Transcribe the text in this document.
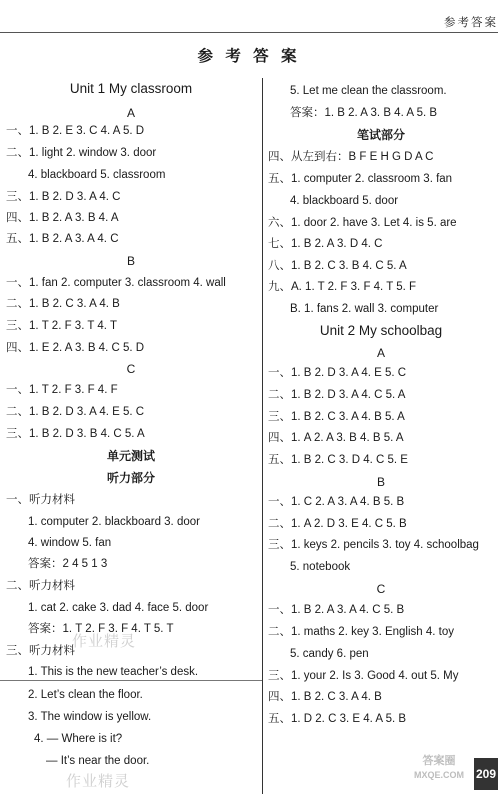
参考答案
参 考 答 案
Unit 1 My classroom
A
一、1. B 2. E 3. C 4. A 5. D
二、1. light 2. window 3. door
4. blackboard 5. classroom
三、1. B 2. D 3. A 4. C
四、1. B 2. A 3. B 4. A
五、1. B 2. A 3. A 4. C
B
一、1. fan 2. computer 3. classroom 4. wall
二、1. B 2. C 3. A 4. B
三、1. T 2. F 3. T 4. T
四、1. E 2. A 3. B 4. C 5. D
C
一、1. T 2. F 3. F 4. F
二、1. B 2. D 3. A 4. E 5. C
三、1. B 2. D 3. B 4. C 5. A
单元测试
听力部分
一、听力材料
1. computer 2. blackboard 3. door
4. window 5. fan
答案：2 4 5 1 3
二、听力材料
1. cat 2. cake 3. dad 4. face 5. door
答案：1. T 2. F 3. F 4. T 5. T
三、听力材料
1. This is the new teacher’s desk.
2. Let’s clean the floor.
3. The window is yellow.
4. — Where is it?
— It’s near the door.
5. Let me clean the classroom.
答案：1. B 2. A 3. B 4. A 5. B
笔试部分
四、从左到右：B F E H G D A C
五、1. computer 2. classroom 3. fan
4. blackboard 5. door
六、1. door 2. have 3. Let 4. is 5. are
七、1. B 2. A 3. D 4. C
八、1. B 2. C 3. B 4. C 5. A
九、A. 1. T 2. F 3. F 4. T 5. F
B. 1. fans 2. wall 3. computer
Unit 2 My schoolbag
A
一、1. B 2. D 3. A 4. E 5. C
二、1. B 2. D 3. A 4. C 5. A
三、1. B 2. C 3. A 4. B 5. A
四、1. A 2. A 3. B 4. B 5. A
五、1. B 2. C 3. D 4. C 5. E
B
一、1. C 2. A 3. A 4. B 5. B
二、1. A 2. D 3. E 4. C 5. B
三、1. keys 2. pencils 3. toy 4. schoolbag
5. notebook
C
一、1. B 2. A 3. A 4. C 5. B
二、1. maths 2. key 3. English 4. toy
5. candy 6. pen
三、1. your 2. Is 3. Good 4. out 5. My
四、1. B 2. C 3. A 4. B
五、1. D 2. C 3. E 4. A 5. B
作业精灵
作业精灵
答案圈
MXQE.COM 209
